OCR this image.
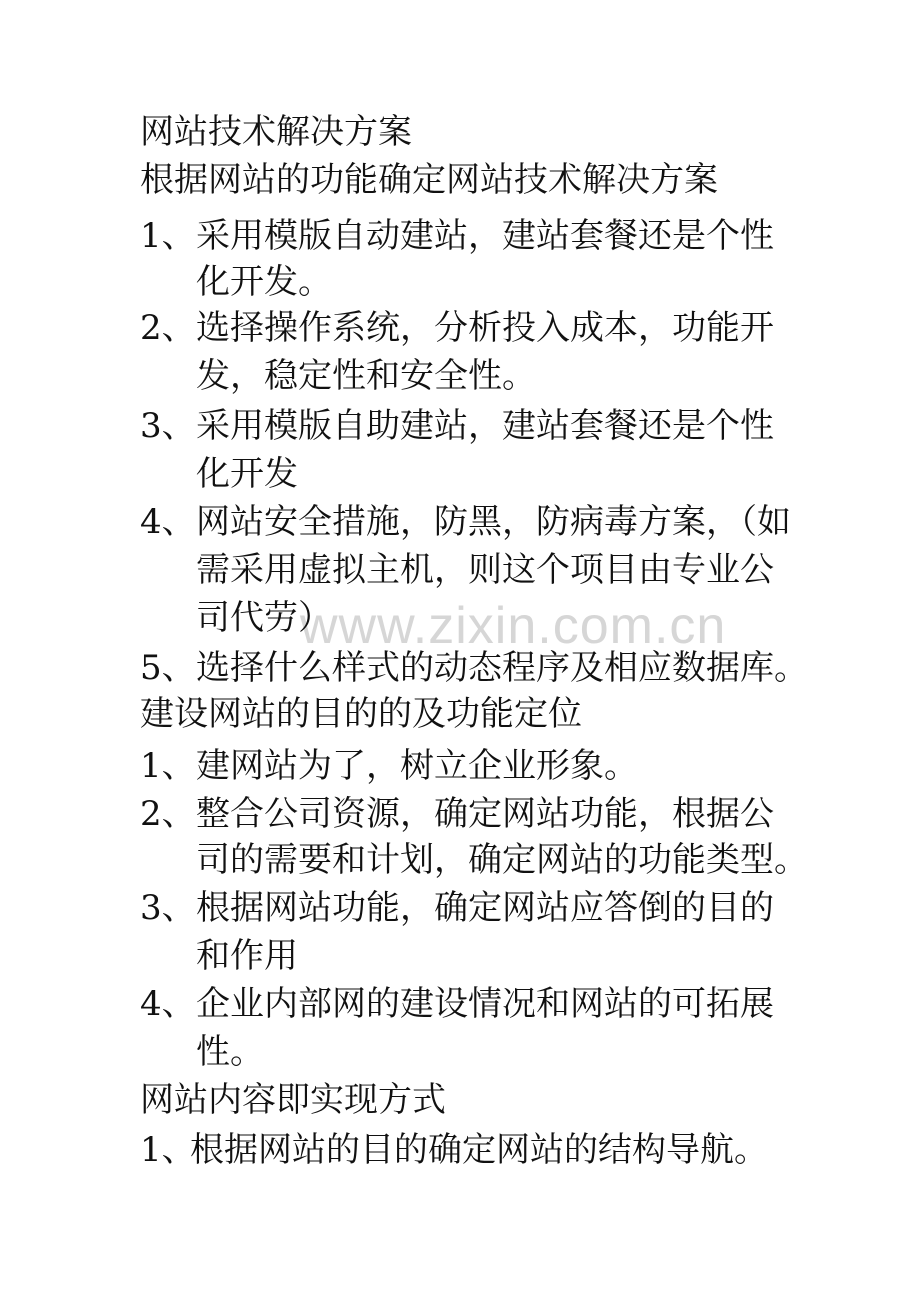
www.zixin.com.cn
网站技术解决方案
根据网站的功能确定网站技术解决方案
1、 采用模版自动建站，建站套餐还是个性
化开发。
2、 选择操作系统，分析投入成本，功能开
发，稳定性和安全性。
3、 采用模版自助建站，建站套餐还是个性
化开发
4、 网站安全措施，防黑，防病毒方案，（如
需采用虚拟主机，则这个项目由专业公
司代劳）
5、 选择什么样式的动态程序及相应数据库。
建设网站的目的的及功能定位
1、 建网站为了，树立企业形象。
2、 整合公司资源，确定网站功能，根据公
司的需要和计划，确定网站的功能类型。
3、 根据网站功能，确定网站应答倒的目的
和作用
4、 企业内部网的建设情况和网站的可拓展
性。
网站内容即实现方式
1、
根据网站的目的确定网站的结构导航。
